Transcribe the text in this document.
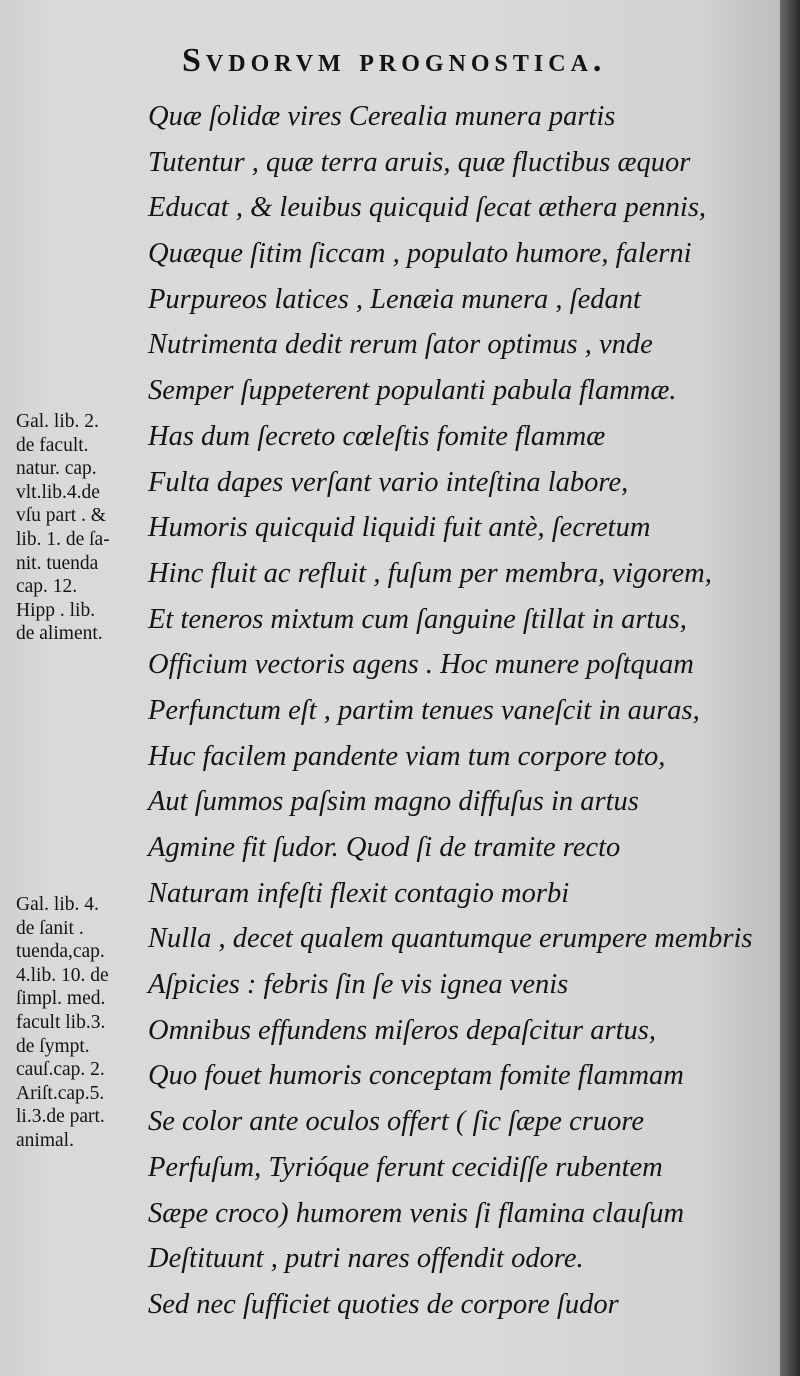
Svdorvm prognostica.
Quæ ſolidæ vires Cerealia munera partis
Tutentur , quæ terra aruis, quæ fluctibus æquor
Educat , & leuibus quicquid ſecat æthera pennis,
Quæque ſitim ſiccam , populato humore, falerni
Purpureos latices , Lenæia munera , ſedant
Nutrimenta dedit rerum ſator optimus , vnde
Semper ſuppeterent populanti pabula flammæ.
Has dum ſecreto cœleſtis fomite flammæ
Fulta dapes verſant vario inteſtina labore,
Humoris quicquid liquidi fuit antè, ſecretum
Hinc fluit ac refluit , fuſum per membra, vigorem,
Et teneros mixtum cum ſanguine ſtillat in artus,
Officium vectoris agens . Hoc munere poſtquam
Perfunctum eſt , partim tenues vaneſcit in auras,
Huc facilem pandente viam tum corpore toto,
Aut ſummos paſsim magno diffuſus in artus
Agmine fit ſudor. Quod ſi de tramite recto
Naturam infeſti flexit contagio morbi
Nulla , decet qualem quantumque erumpere membris
Aſpicies : febris ſin ſe vis ignea venis
Omnibus effundens miſeros depaſcitur artus,
Quo fouet humoris conceptam fomite flammam
Se color ante oculos offert ( ſic ſæpe cruore
Perfuſum, Tyrióque ferunt cecidiſſe rubentem
Sæpe croco) humorem venis ſi flamina clauſum
Deſtituunt , putri nares offendit odore.
Sed nec ſufficiet quoties de corpore ſudor
Gal. lib. 2.
de facult.
natur. cap.
vlt.lib.4.de
vſu part . &
lib. 1. de ſa-
nit. tuenda
cap. 12.
Hipp . lib.
de aliment.
Gal. lib. 4.
de ſanit .
tuenda,cap.
4.lib. 10. de
ſimpl. med.
facult lib.3.
de ſympt.
cauſ.cap. 2.
Ariſt.cap.5.
li.3.de part.
animal.
